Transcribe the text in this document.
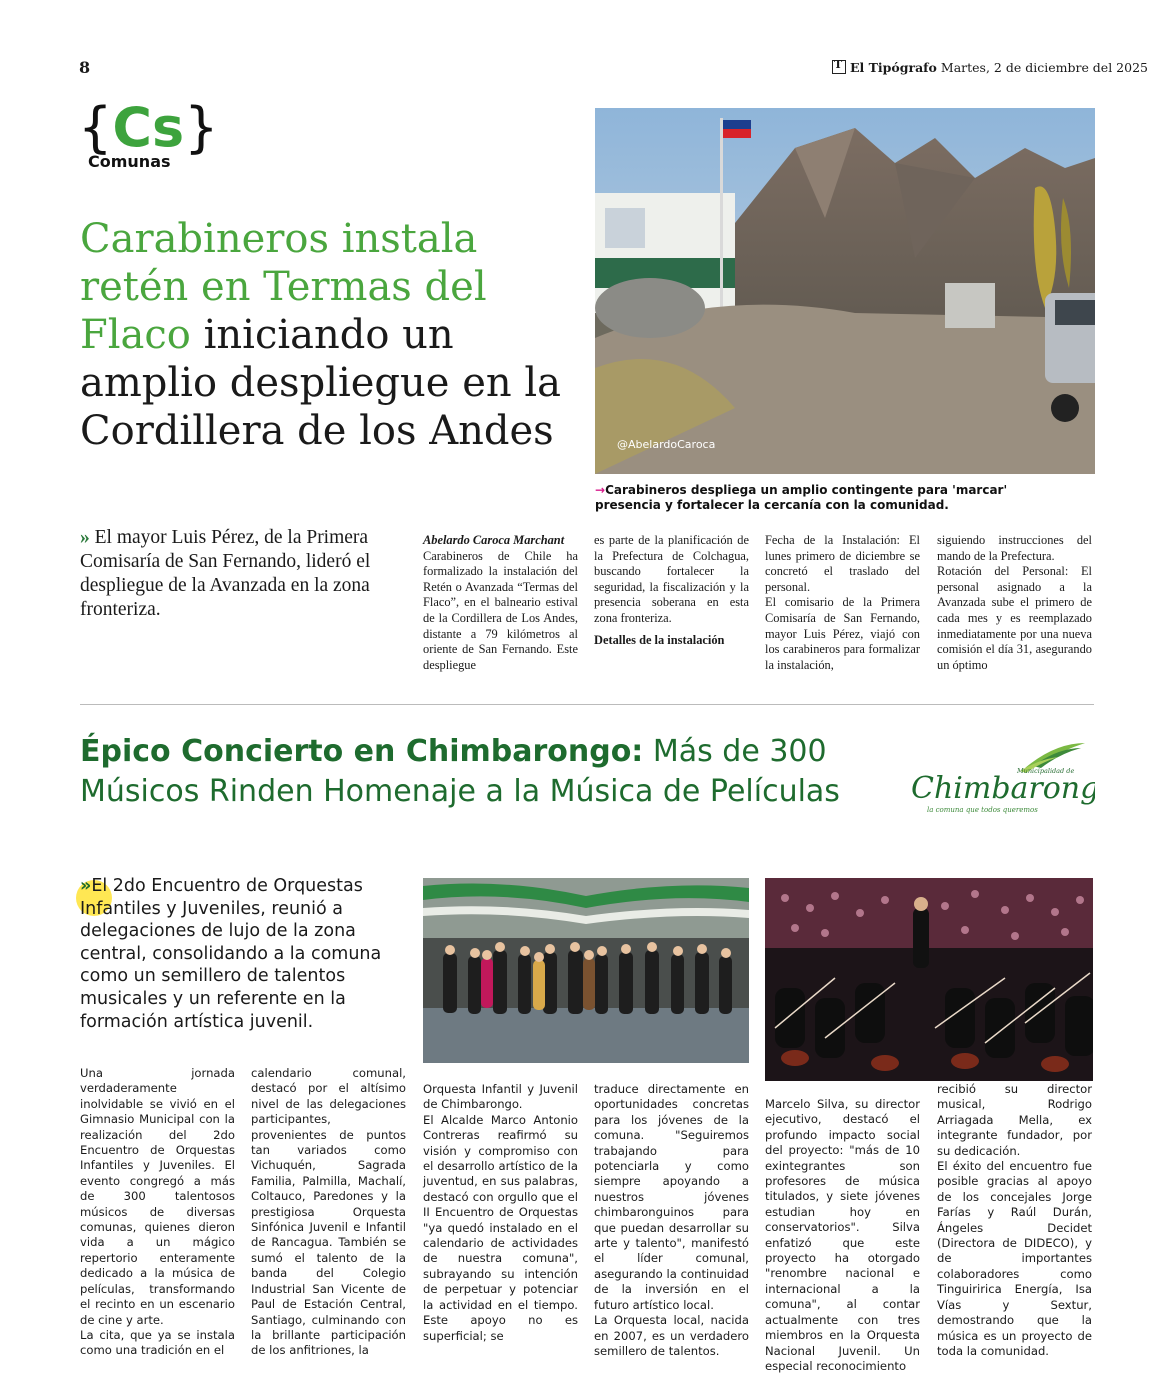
8
T	El Tipógrafo Martes, 2 de diciembre del 2025
{Cs}
Comunas
Carabineros instala retén en Termas del Flaco iniciando un amplio despliegue en la Cordillera de los Andes	@AbelardoCaroca
→Carabineros despliega un amplio contingente para 'marcar' presencia y fortalecer la cercanía con la comunidad.
» El mayor Luis Pérez, de la Primera Comisaría de San Fernando, lideró el despliegue de la Avanzada en la zona fronteriza.

Abelardo Caroca Marchant

Carabineros de Chile ha formalizado la instalación del Retén o Avanzada “Termas del Flaco”, en el balneario estival de la Cordillera de Los Andes, distante a 79 kilómetros al oriente de San Fernando. Este despliegue

es parte de la planificación de la Prefectura de Colchagua, buscando fortalecer la seguridad, la fiscalización y la presencia soberana en esta zona fronteriza.

Detalles de la instalación

Fecha de la Instalación: El lunes primero de diciembre se concretó el traslado del personal.

El comisario de la Primera Comisaría de San Fernando, mayor Luis Pérez, viajó con los carabineros para formalizar la instalación,

siguiendo instrucciones del mando de la Prefectura.

Rotación del Personal: El personal asignado a la Avanzada sube el primero de cada mes y es reemplazado inmediatamente por una nueva comisión el día 31, asegurando un óptimo

Épico Concierto en Chimbarongo: Más de 300 Músicos Rinden Homenaje a la Música de Películas
Municipalidad de
Chimbaron
la comuna que todos queremos
»El 2do Encuentro de Orquestas Infantiles y Juveniles, reunió a delegaciones de lujo de la zona central, consolidando a la comuna como un semillero de talentos musicales y un referente en la formación artística juvenil.

Una jornada verdaderamente inolvidable se vivió en el Gimnasio Municipal con la realización del 2do Encuentro de Orquestas Infantiles y Juveniles. El evento congregó a más de 300 talentosos músicos de diversas comunas, quienes dieron vida a un mágico repertorio enteramente dedicado a la música de películas, transformando el recinto en un escenario de cine y arte.

La cita, que ya se instala como una tradición en el

calendario comunal, destacó por el altísimo nivel de las delegaciones participantes, provenientes de puntos tan variados como Vichuquén, Sagrada Familia, Palmilla, Machalí, Coltauco, Paredones y la prestigiosa Orquesta Sinfónica Juvenil e Infantil de Rancagua. También se sumó el talento de la banda del Colegio Industrial San Vicente de Paul de Estación Central, Santiago, culminando con la brillante participación de los anfitriones, la

Orquesta Infantil y Juvenil de Chimbarongo.

El Alcalde Marco Antonio Contreras reafirmó su visión y compromiso con el desarrollo artístico de la juventud, en sus palabras, destacó con orgullo que el II Encuentro de Orquestas "ya quedó instalado en el calendario de actividades de nuestra comuna", subrayando su intención de perpetuar y potenciar la actividad en el tiempo. Este apoyo no es superficial; se

traduce directamente en oportunidades concretas para los jóvenes de la comuna. "Seguiremos trabajando para potenciarla y como siempre apoyando a nuestros jóvenes chimbaronguinos para que puedan desarrollar su arte y talento", manifestó el líder comunal, asegurando la continuidad de la inversión en el futuro artístico local.

La Orquesta local, nacida en 2007, es un verdadero semillero de talentos.

Marcelo Silva, su director ejecutivo, destacó el profundo impacto social del proyecto: "más de 10 exintegrantes son profesores de música titulados, y siete jóvenes estudian hoy en conservatorios". Silva enfatizó que este proyecto ha otorgado "renombre nacional e internacional a la comuna", al contar actualmente con tres miembros en la Orquesta Nacional Juvenil. Un especial reconocimiento

recibió su director musical, Rodrigo Arriagada Mella, ex integrante fundador, por su dedicación.

El éxito del encuentro fue posible gracias al apoyo de los concejales Jorge Farías y Raúl Durán, Ángeles Decidet (Directora de DIDECO), y de importantes colaboradores como Tinguiririca Energía, Isa Vías y Sextur, demostrando que la música es un proyecto de toda la comunidad.
